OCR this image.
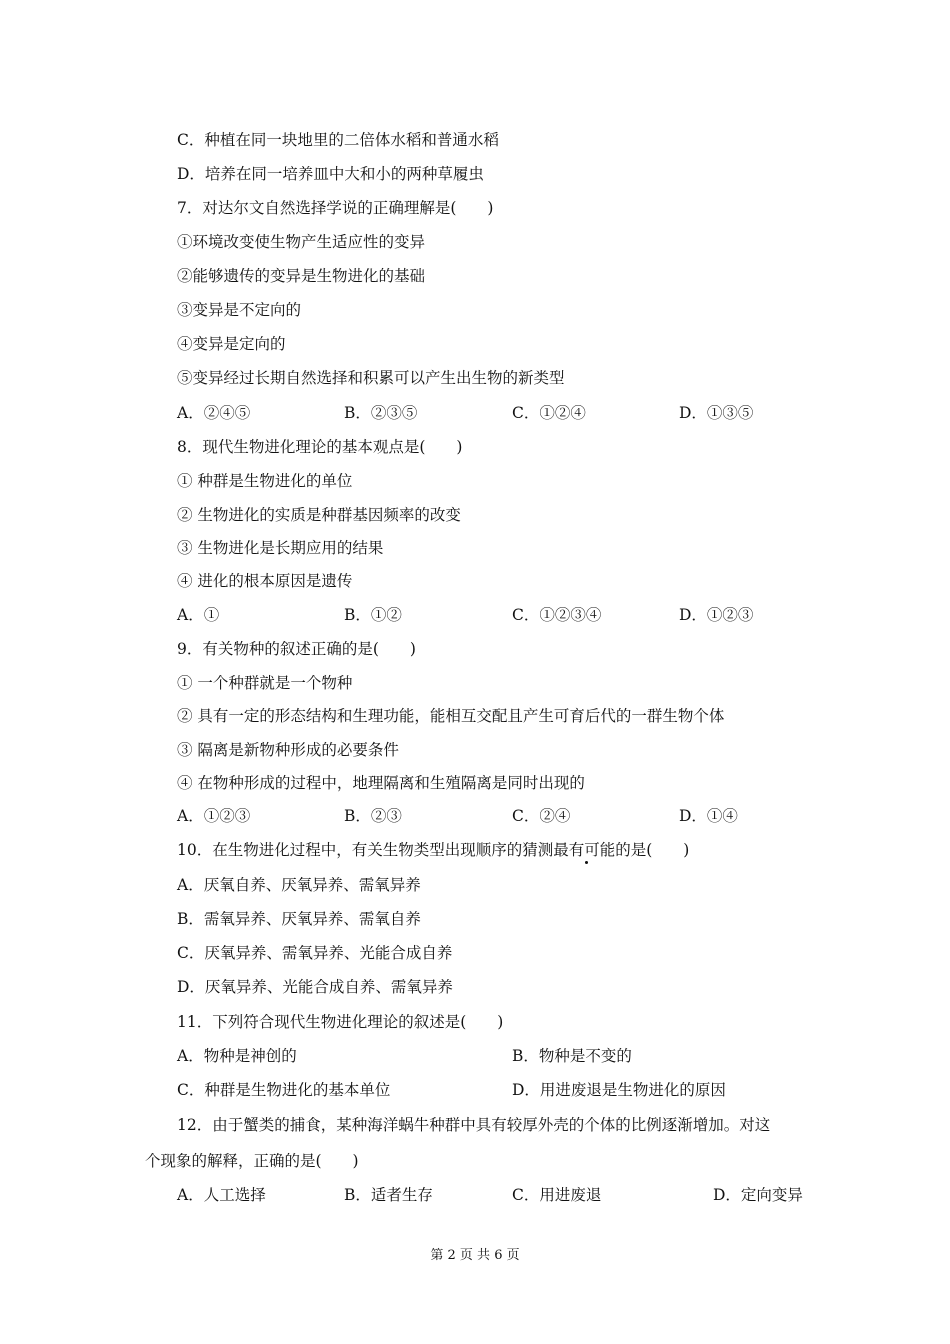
C．种植在同一块地里的二倍体水稻和普通水稻
D．培养在同一培养皿中大和小的两种草履虫
7．对达尔文自然选择学说的正确理解是(　　)
①环境改变使生物产生适应性的变异
②能够遗传的变异是生物进化的基础
③变异是不定向的
④变异是定向的
⑤变异经过长期自然选择和积累可以产生出生物的新类型
A．②④⑤	B．②③⑤	C．①②④	D．①③⑤
8．现代生物进化理论的基本观点是(　　)
① 种群是生物进化的单位
② 生物进化的实质是种群基因频率的改变
③ 生物进化是长期应用的结果
④ 进化的根本原因是遗传
A．①	B．①②	C．①②③④	D．①②③
9．有关物种的叙述正确的是(　　)
① 一个种群就是一个物种
② 具有一定的形态结构和生理功能，能相互交配且产生可育后代的一群生物个体
③ 隔离是新物种形成的必要条件
④ 在物种形成的过程中，地理隔离和生殖隔离是同时出现的
A．①②③	B．②③	C．②④	D．①④
10．在生物进化过程中，有关生物类型出现顺序的猜测最有可能的是(　　)
A．厌氧自养、厌氧异养、需氧异养
B．需氧异养、厌氧异养、需氧自养
C．厌氧异养、需氧异养、光能合成自养
D．厌氧异养、光能合成自养、需氧异养
11．下列符合现代生物进化理论的叙述是(　　)
A．物种是神创的	B．物种是不变的
C．种群是生物进化的基本单位	D．用进废退是生物进化的原因
12．由于蟹类的捕食，某种海洋蜗牛种群中具有较厚外壳的个体的比例逐渐增加。对这
个现象的解释，正确的是(　　)
A．人工选择	B．适者生存	C．用进废退	D．定向变异
第 2 页 共 6 页
